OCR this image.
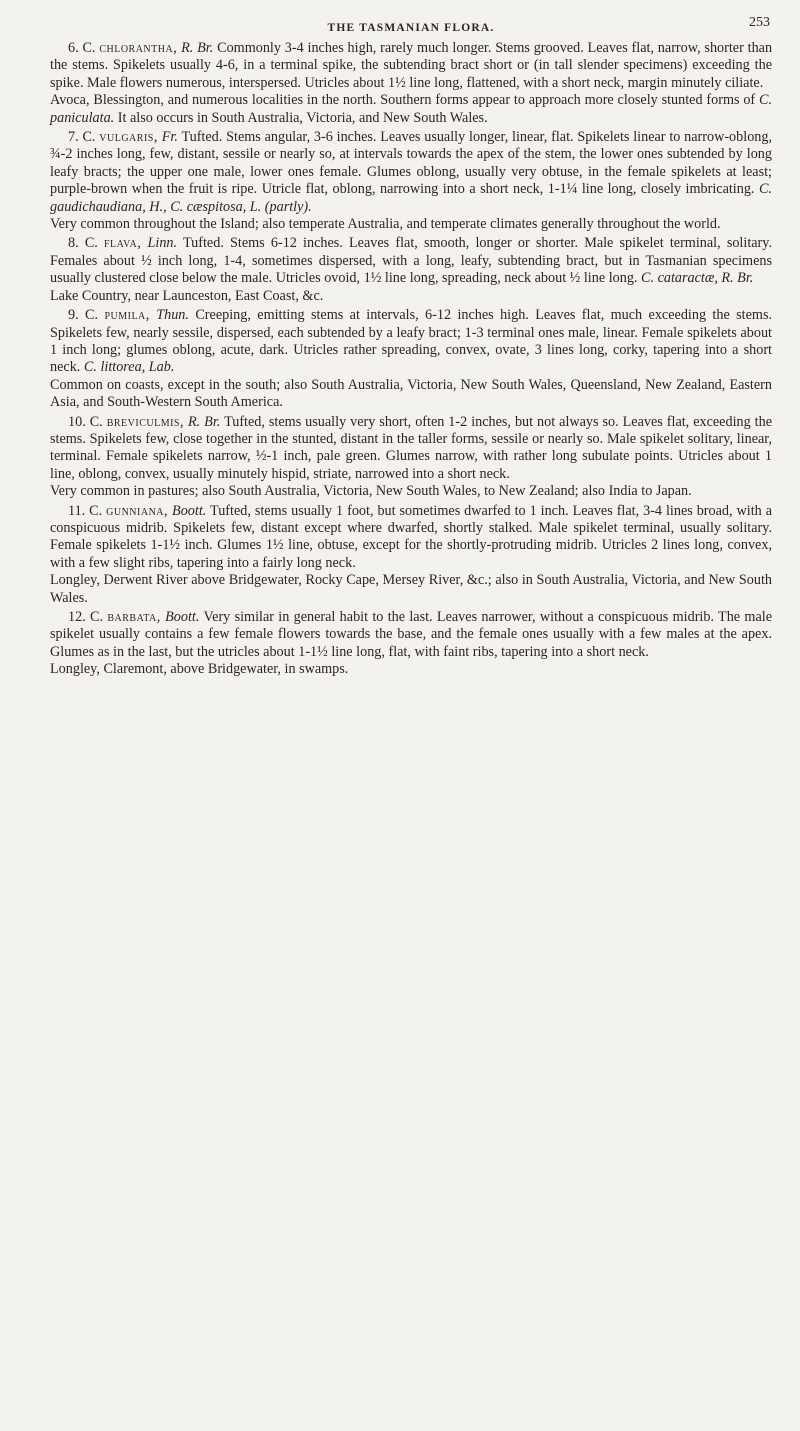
THE TASMANIAN FLORA.	253

6. C. chlorantha, R. Br. Commonly 3-4 inches high, rarely much longer. Stems grooved. Leaves flat, narrow, shorter than the stems. Spikelets usually 4-6, in a terminal spike, the subtending bract short or (in tall slender specimens) exceeding the spike. Male flowers numerous, interspersed. Utricles about 1½ line long, flattened, with a short neck, margin minutely ciliate.

Avoca, Blessington, and numerous localities in the north. Southern forms appear to approach more closely stunted forms of C. paniculata. It also occurs in South Australia, Victoria, and New South Wales.

7. C. vulgaris, Fr. Tufted. Stems angular, 3-6 inches. Leaves usually longer, linear, flat. Spikelets linear to narrow-oblong, ¾-2 inches long, few, distant, sessile or nearly so, at intervals towards the apex of the stem, the lower ones subtended by long leafy bracts; the upper one male, lower ones female. Glumes oblong, usually very obtuse, in the female spikelets at least; purple-brown when the fruit is ripe. Utricle flat, oblong, narrowing into a short neck, 1-1¼ line long, closely imbricating. C. gaudichaudiana, H., C. cæspitosa, L. (partly).

Very common throughout the Island; also temperate Australia, and temperate climates generally throughout the world.

8. C. flava, Linn. Tufted. Stems 6-12 inches. Leaves flat, smooth, longer or shorter. Male spikelet terminal, solitary. Females about ½ inch long, 1-4, sometimes dispersed, with a long, leafy, subtending bract, but in Tasmanian specimens usually clustered close below the male. Utricles ovoid, 1½ line long, spreading, neck about ½ line long. C. cataractæ, R. Br.

Lake Country, near Launceston, East Coast, &c.

9. C. pumila, Thun. Creeping, emitting stems at intervals, 6-12 inches high. Leaves flat, much exceeding the stems. Spikelets few, nearly sessile, dispersed, each subtended by a leafy bract; 1-3 terminal ones male, linear. Female spikelets about 1 inch long; glumes oblong, acute, dark. Utricles rather spreading, convex, ovate, 3 lines long, corky, tapering into a short neck. C. littorea, Lab.

Common on coasts, except in the south; also South Australia, Victoria, New South Wales, Queensland, New Zealand, Eastern Asia, and South-Western South America.

10. C. breviculmis, R. Br. Tufted, stems usually very short, often 1-2 inches, but not always so. Leaves flat, exceeding the stems. Spikelets few, close together in the stunted, distant in the taller forms, sessile or nearly so. Male spikelet solitary, linear, terminal. Female spikelets narrow, ½-1 inch, pale green. Glumes narrow, with rather long subulate points. Utricles about 1 line, oblong, convex, usually minutely hispid, striate, narrowed into a short neck.

Very common in pastures; also South Australia, Victoria, New South Wales, to New Zealand; also India to Japan.

11. C. gunniana, Boott. Tufted, stems usually 1 foot, but sometimes dwarfed to 1 inch. Leaves flat, 3-4 lines broad, with a conspicuous midrib. Spikelets few, distant except where dwarfed, shortly stalked. Male spikelet terminal, usually solitary. Female spikelets 1-1½ inch. Glumes 1½ line, obtuse, except for the shortly-protruding midrib. Utricles 2 lines long, convex, with a few slight ribs, tapering into a fairly long neck.

Longley, Derwent River above Bridgewater, Rocky Cape, Mersey River, &c.; also in South Australia, Victoria, and New South Wales.

12. C. barbata, Boott. Very similar in general habit to the last. Leaves narrower, without a conspicuous midrib. The male spikelet usually contains a few female flowers towards the base, and the female ones usually with a few males at the apex. Glumes as in the last, but the utricles about 1-1½ line long, flat, with faint ribs, tapering into a short neck.

Longley, Claremont, above Bridgewater, in swamps.
